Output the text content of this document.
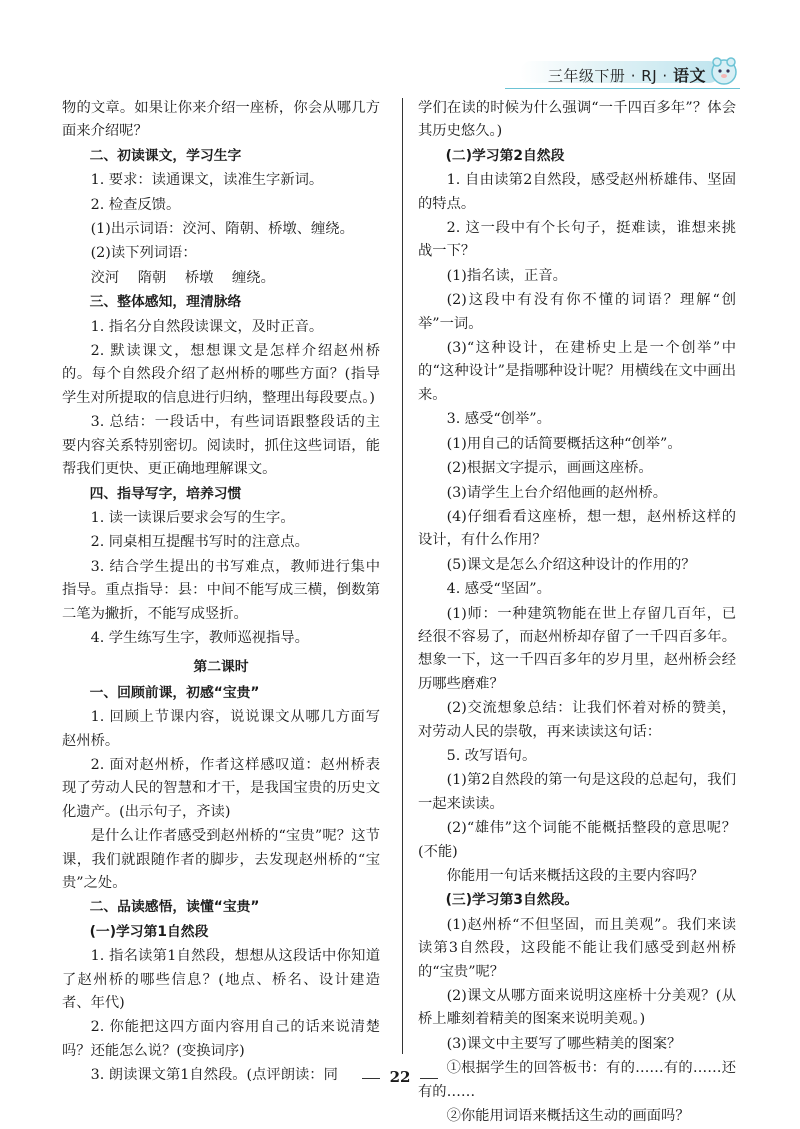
三年级下册 · RJ · 语文

物的文章。如果让你来介绍一座桥，你会从哪几方面来介绍呢？

二、初读课文，学习生字

1. 要求：读通课文，读准生字新词。

2. 检查反馈。

(1)出示词语：洨河、隋朝、桥墩、缠绕。

(2)读下列词语：

洨河 隋朝 桥墩 缠绕。

三、整体感知，理清脉络

1. 指名分自然段读课文，及时正音。

2. 默读课文，想想课文是怎样介绍赵州桥的。每个自然段介绍了赵州桥的哪些方面？(指导学生对所提取的信息进行归纳，整理出每段要点。)

3. 总结：一段话中，有些词语跟整段话的主要内容关系特别密切。阅读时，抓住这些词语，能帮我们更快、更正确地理解课文。

四、指导写字，培养习惯

1. 读一读课后要求会写的生字。

2. 同桌相互提醒书写时的注意点。

3. 结合学生提出的书写难点，教师进行集中指导。重点指导：县：中间不能写成三横，倒数第二笔为撇折，不能写成竖折。

4. 学生练写生字，教师巡视指导。

第二课时

一、回顾前课，初感“宝贵”

1. 回顾上节课内容，说说课文从哪几方面写赵州桥。

2. 面对赵州桥，作者这样感叹道：赵州桥表现了劳动人民的智慧和才干，是我国宝贵的历史文化遗产。(出示句子，齐读)

是什么让作者感受到赵州桥的“宝贵”呢？这节课，我们就跟随作者的脚步，去发现赵州桥的“宝贵”之处。

二、品读感悟，读懂“宝贵”

(一)学习第1自然段

1. 指名读第1自然段，想想从这段话中你知道了赵州桥的哪些信息？(地点、桥名、设计建造者、年代)

2. 你能把这四方面内容用自己的话来说清楚吗？还能怎么说？(变换词序)

3. 朗读课文第1自然段。(点评朗读：同

学们在读的时候为什么强调“一千四百多年”？体会其历史悠久。)

(二)学习第2自然段

1. 自由读第2自然段，感受赵州桥雄伟、坚固的特点。

2. 这一段中有个长句子，挺难读，谁想来挑战一下？

(1)指名读，正音。

(2)这段中有没有你不懂的词语？理解“创举”一词。

(3)“这种设计，在建桥史上是一个创举”中的“这种设计”是指哪种设计呢？用横线在文中画出来。

3. 感受“创举”。

(1)用自己的话简要概括这种“创举”。

(2)根据文字提示，画画这座桥。

(3)请学生上台介绍他画的赵州桥。

(4)仔细看看这座桥，想一想，赵州桥这样的设计，有什么作用？

(5)课文是怎么介绍这种设计的作用的？

4. 感受“坚固”。

(1)师：一种建筑物能在世上存留几百年，已经很不容易了，而赵州桥却存留了一千四百多年。想象一下，这一千四百多年的岁月里，赵州桥会经历哪些磨难？

(2)交流想象总结：让我们怀着对桥的赞美，对劳动人民的崇敬，再来读读这句话：

5. 改写语句。

(1)第2自然段的第一句是这段的总起句，我们一起来读读。

(2)“雄伟”这个词能不能概括整段的意思呢？(不能)

你能用一句话来概括这段的主要内容吗？

(三)学习第3自然段。

(1)赵州桥“不但坚固，而且美观”。我们来读读第3自然段，这段能不能让我们感受到赵州桥的“宝贵”呢？

(2)课文从哪方面来说明这座桥十分美观？(从桥上雕刻着精美的图案来说明美观。)

(3)课文中主要写了哪些精美的图案？

①根据学生的回答板书：有的……有的……还有的……

②你能用词语来概括这生动的画面吗？

22
